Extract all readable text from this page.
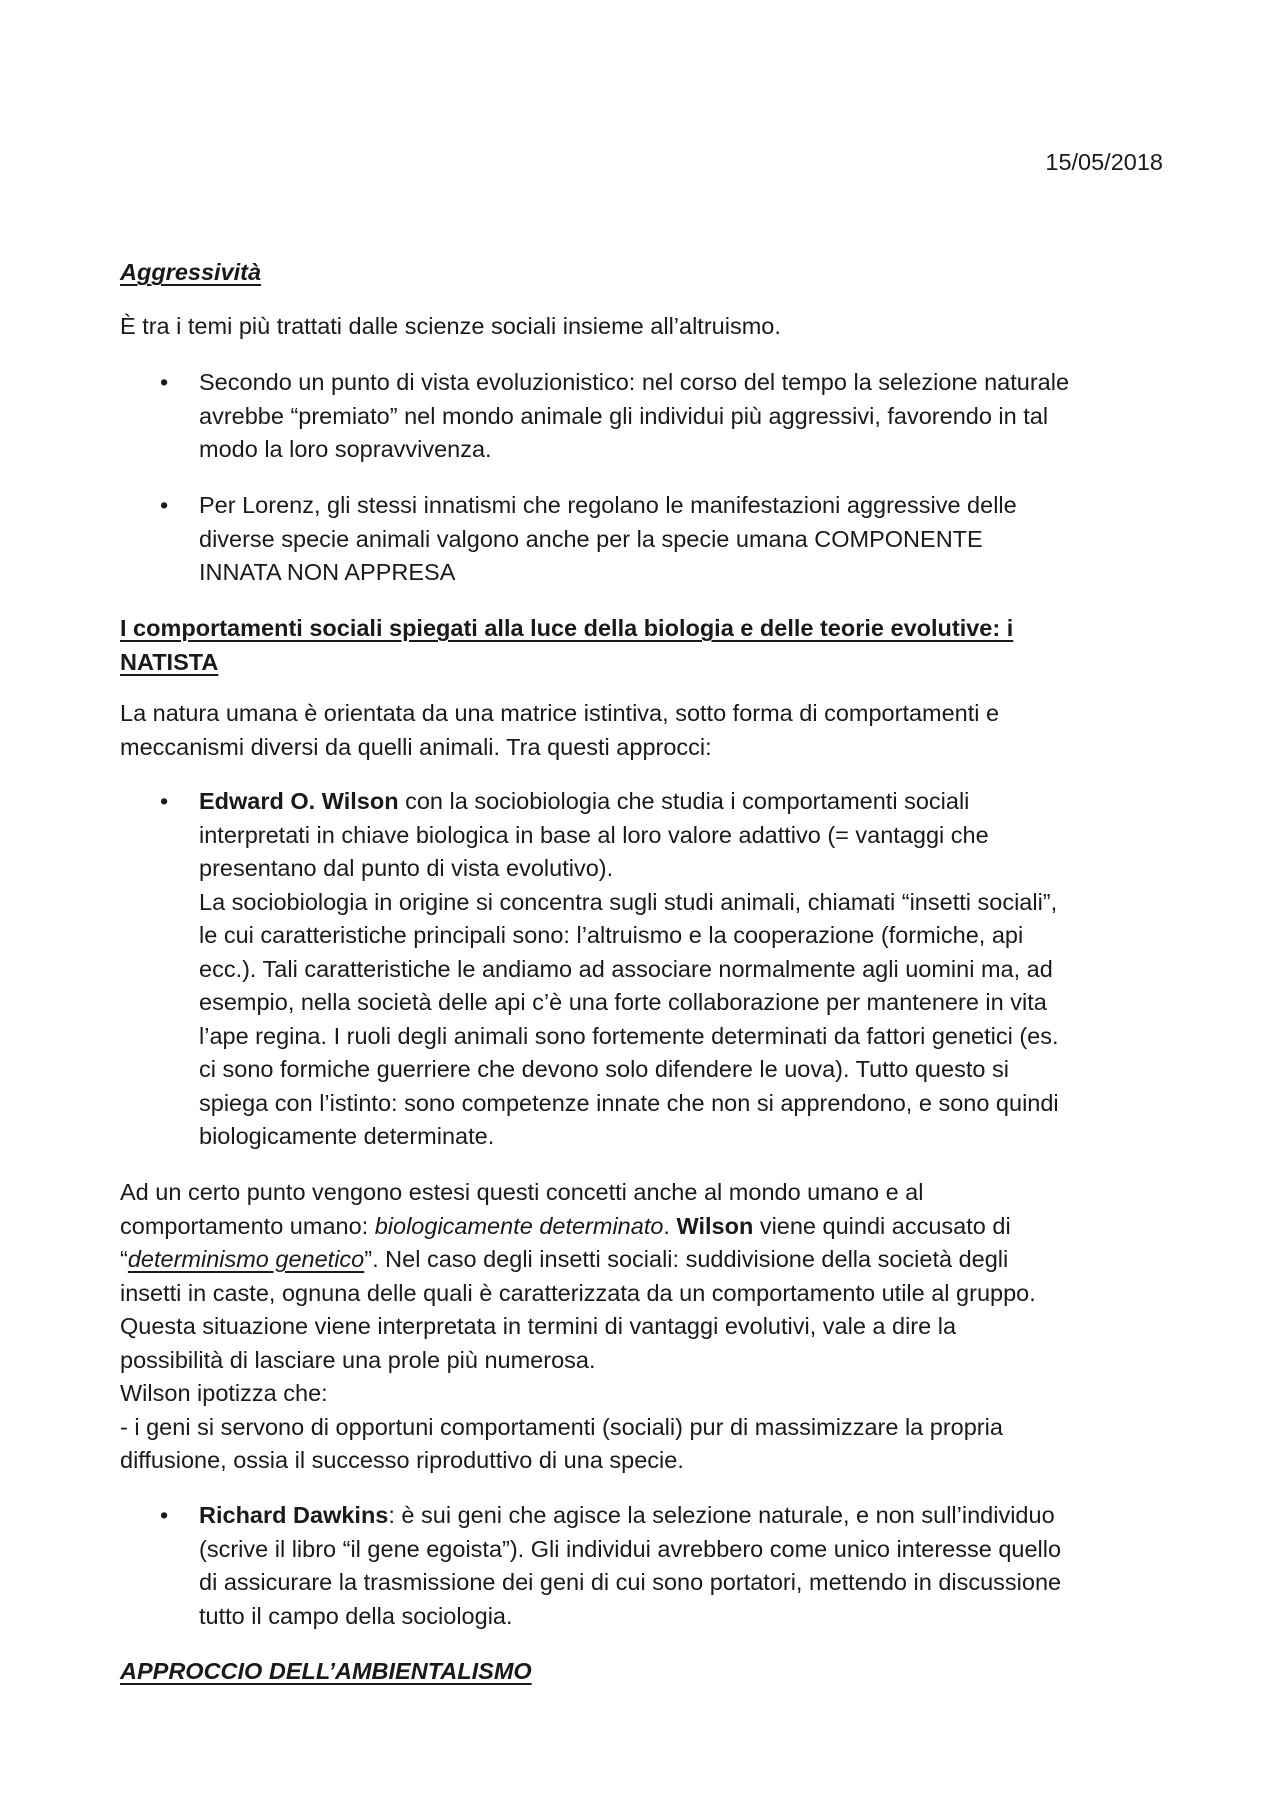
15/05/2018
Aggressività
È tra i temi più trattati dalle scienze sociali insieme all’altruismo.
• Secondo un punto di vista evoluzionistico: nel corso del tempo la selezione naturale

avrebbe “premiato” nel mondo animale gli individui più aggressivi, favorendo in tal

modo la loro sopravvivenza.

• Per Lorenz, gli stessi innatismi che regolano le manifestazioni aggressive delle

diverse specie animali valgono anche per la specie umana COMPONENTE

INNATA NON APPRESA

I comportamenti sociali spiegati alla luce della biologia e delle teorie evolutive: i

NATISTA

La natura umana è orientata da una matrice istintiva, sotto forma di comportamenti e

meccanismi diversi da quelli animali. Tra questi approcci:

• Edward O. Wilson con la sociobiologia che studia i comportamenti sociali

interpretati in chiave biologica in base al loro valore adattivo (= vantaggi che

presentano dal punto di vista evolutivo).

La sociobiologia in origine si concentra sugli studi animali, chiamati “insetti sociali”,

le cui caratteristiche principali sono: l’altruismo e la cooperazione (formiche, api

ecc.). Tali caratteristiche le andiamo ad associare normalmente agli uomini ma, ad

esempio, nella società delle api c’è una forte collaborazione per mantenere in vita

l’ape regina. I ruoli degli animali sono fortemente determinati da fattori genetici (es.

ci sono formiche guerriere che devono solo difendere le uova). Tutto questo si

spiega con l’istinto: sono competenze innate che non si apprendono, e sono quindi

biologicamente determinate.

Ad un certo punto vengono estesi questi concetti anche al mondo umano e al

comportamento umano: biologicamente determinato. Wilson viene quindi accusato di

“determinismo genetico”. Nel caso degli insetti sociali: suddivisione della società degli

insetti in caste, ognuna delle quali è caratterizzata da un comportamento utile al gruppo.

Questa situazione viene interpretata in termini di vantaggi evolutivi, vale a dire la

possibilità di lasciare una prole più numerosa.

Wilson ipotizza che:

- i geni si servono di opportuni comportamenti (sociali) pur di massimizzare la propria

diffusione, ossia il successo riproduttivo di una specie.

• Richard Dawkins: è sui geni che agisce la selezione naturale, e non sull’individuo

(scrive il libro “il gene egoista”). Gli individui avrebbero come unico interesse quello

di assicurare la trasmissione dei geni di cui sono portatori, mettendo in discussione

tutto il campo della sociologia.

APPROCCIO DELL’AMBIENTALISMO
